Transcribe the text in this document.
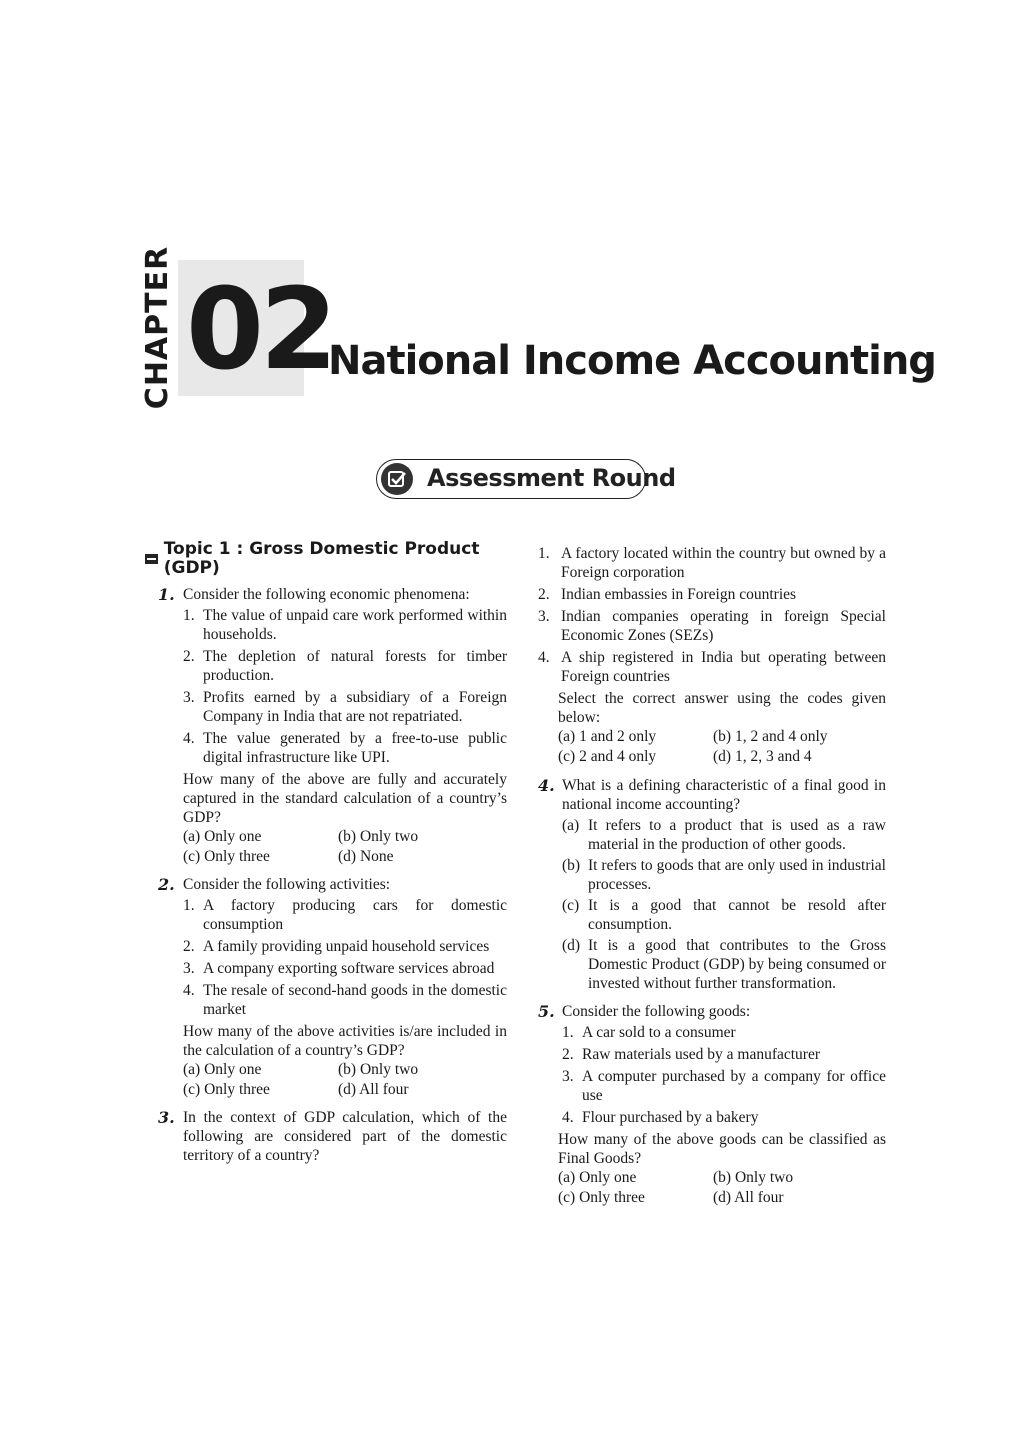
CHAPTER 02
National Income Accounting
Assessment Round
Topic 1 : Gross Domestic Product (GDP)
1. Consider the following economic phenomena:
1. The value of unpaid care work performed within households.
2. The depletion of natural forests for timber production.
3. Profits earned by a subsidiary of a Foreign Company in India that are not repatriated.
4. The value generated by a free-to-use public digital infrastructure like UPI.
How many of the above are fully and accurately captured in the standard calculation of a country’s GDP?
(a) Only one	(b) Only two
(c) Only three	(d) None
2. Consider the following activities:
1. A factory producing cars for domestic consumption
2. A family providing unpaid household services
3. A company exporting software services abroad
4. The resale of second-hand goods in the domestic market
How many of the above activities is/are included in the calculation of a country’s GDP?
(a) Only one	(b) Only two
(c) Only three	(d) All four
3. In the context of GDP calculation, which of the following are considered part of the domestic territory of a country?
1. A factory located within the country but owned by a Foreign corporation
2. Indian embassies in Foreign countries
3. Indian companies operating in foreign Special Economic Zones (SEZs)
4. A ship registered in India but operating between Foreign countries
Select the correct answer using the codes given below:
(a) 1 and 2 only	(b) 1, 2 and 4 only
(c) 2 and 4 only	(d) 1, 2, 3 and 4
4. What is a defining characteristic of a final good in national income accounting?
(a) It refers to a product that is used as a raw material in the production of other goods.
(b) It refers to goods that are only used in industrial processes.
(c) It is a good that cannot be resold after consumption.
(d) It is a good that contributes to the Gross Domestic Product (GDP) by being consumed or invested without further transformation.
5. Consider the following goods:
1. A car sold to a consumer
2. Raw materials used by a manufacturer
3. A computer purchased by a company for office use
4. Flour purchased by a bakery
How many of the above goods can be classified as Final Goods?
(a) Only one	(b) Only two
(c) Only three	(d) All four
